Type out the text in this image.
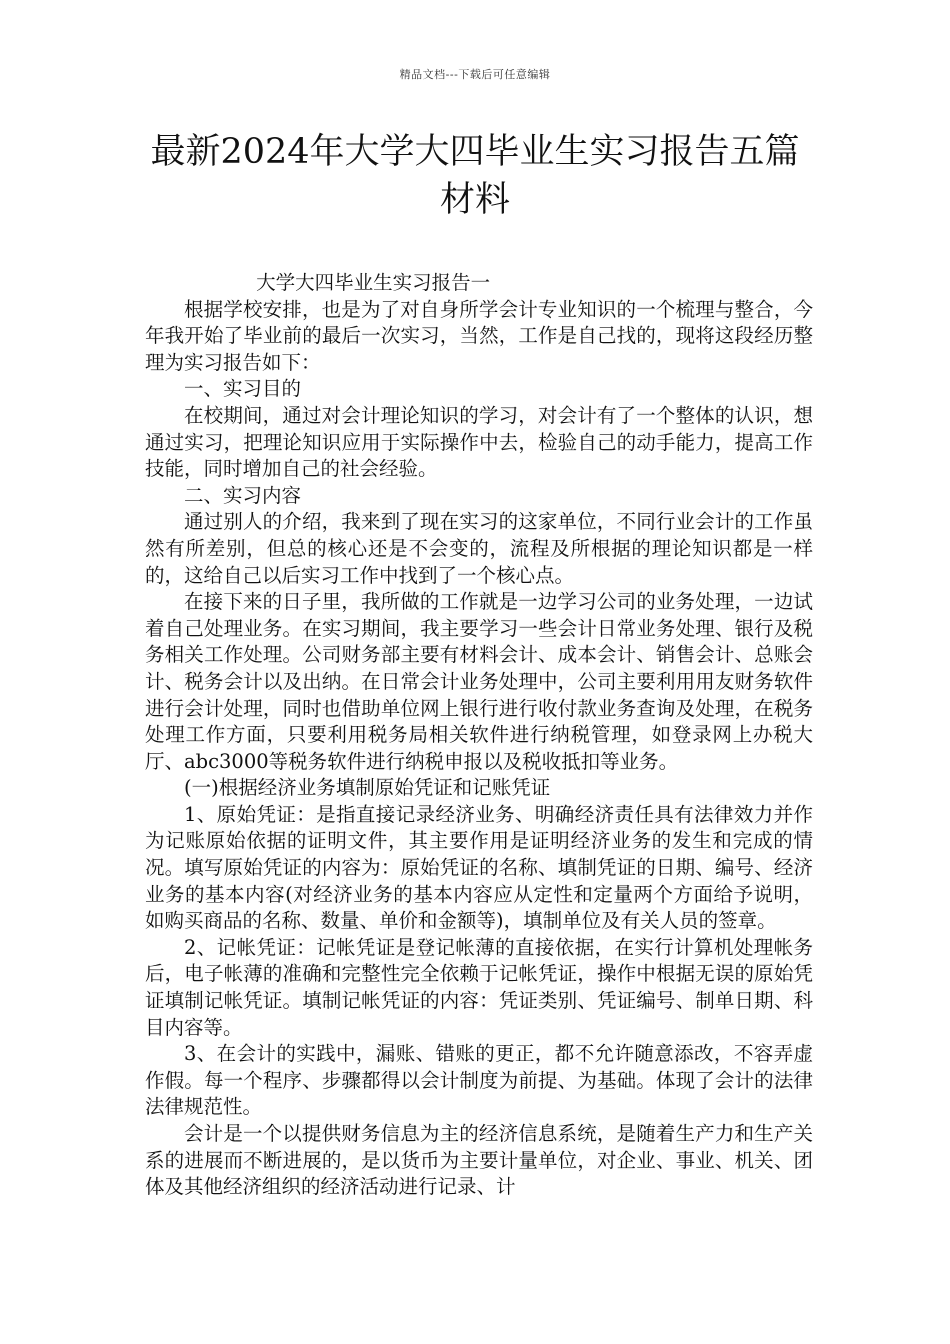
精品文档---下载后可任意编辑
最新2024年大学大四毕业生实习报告五篇材料

大学大四毕业生实习报告一

根据学校安排，也是为了对自身所学会计专业知识的一个梳理与整合，今年我开始了毕业前的最后一次实习，当然，工作是自己找的，现将这段经历整理为实习报告如下：

一、实习目的

在校期间，通过对会计理论知识的学习，对会计有了一个整体的认识，想通过实习，把理论知识应用于实际操作中去，检验自己的动手能力，提高工作技能，同时增加自己的社会经验。

二、实习内容

通过别人的介绍，我来到了现在实习的这家单位，不同行业会计的工作虽然有所差别，但总的核心还是不会变的，流程及所根据的理论知识都是一样的，这给自己以后实习工作中找到了一个核心点。

在接下来的日子里，我所做的工作就是一边学习公司的业务处理，一边试着自己处理业务。在实习期间，我主要学习一些会计日常业务处理、银行及税务相关工作处理。公司财务部主要有材料会计、成本会计、销售会计、总账会计、税务会计以及出纳。在日常会计业务处理中，公司主要利用用友财务软件进行会计处理，同时也借助单位网上银行进行收付款业务查询及处理，在税务处理工作方面，只要利用税务局相关软件进行纳税管理，如登录网上办税大厅、abc3000等税务软件进行纳税申报以及税收抵扣等业务。

(一)根据经济业务填制原始凭证和记账凭证

1、原始凭证：是指直接记录经济业务、明确经济责任具有法律效力并作为记账原始依据的证明文件，其主要作用是证明经济业务的发生和完成的情况。填写原始凭证的内容为：原始凭证的名称、填制凭证的日期、编号、经济业务的基本内容(对经济业务的基本内容应从定性和定量两个方面给予说明，如购买商品的名称、数量、单价和金额等)，填制单位及有关人员的签章。

2、记帐凭证：记帐凭证是登记帐薄的直接依据，在实行计算机处理帐务后，电子帐薄的准确和完整性完全依赖于记帐凭证，操作中根据无误的原始凭证填制记帐凭证。填制记帐凭证的内容：凭证类别、凭证编号、制单日期、科目内容等。

3、在会计的实践中，漏账、错账的更正，都不允许随意添改，不容弄虚作假。每一个程序、步骤都得以会计制度为前提、为基础。体现了会计的法律法律规范性。

会计是一个以提供财务信息为主的经济信息系统，是随着生产力和生产关系的进展而不断进展的，是以货币为主要计量单位，对企业、事业、机关、团体及其他经济组织的经济活动进行记录、计
